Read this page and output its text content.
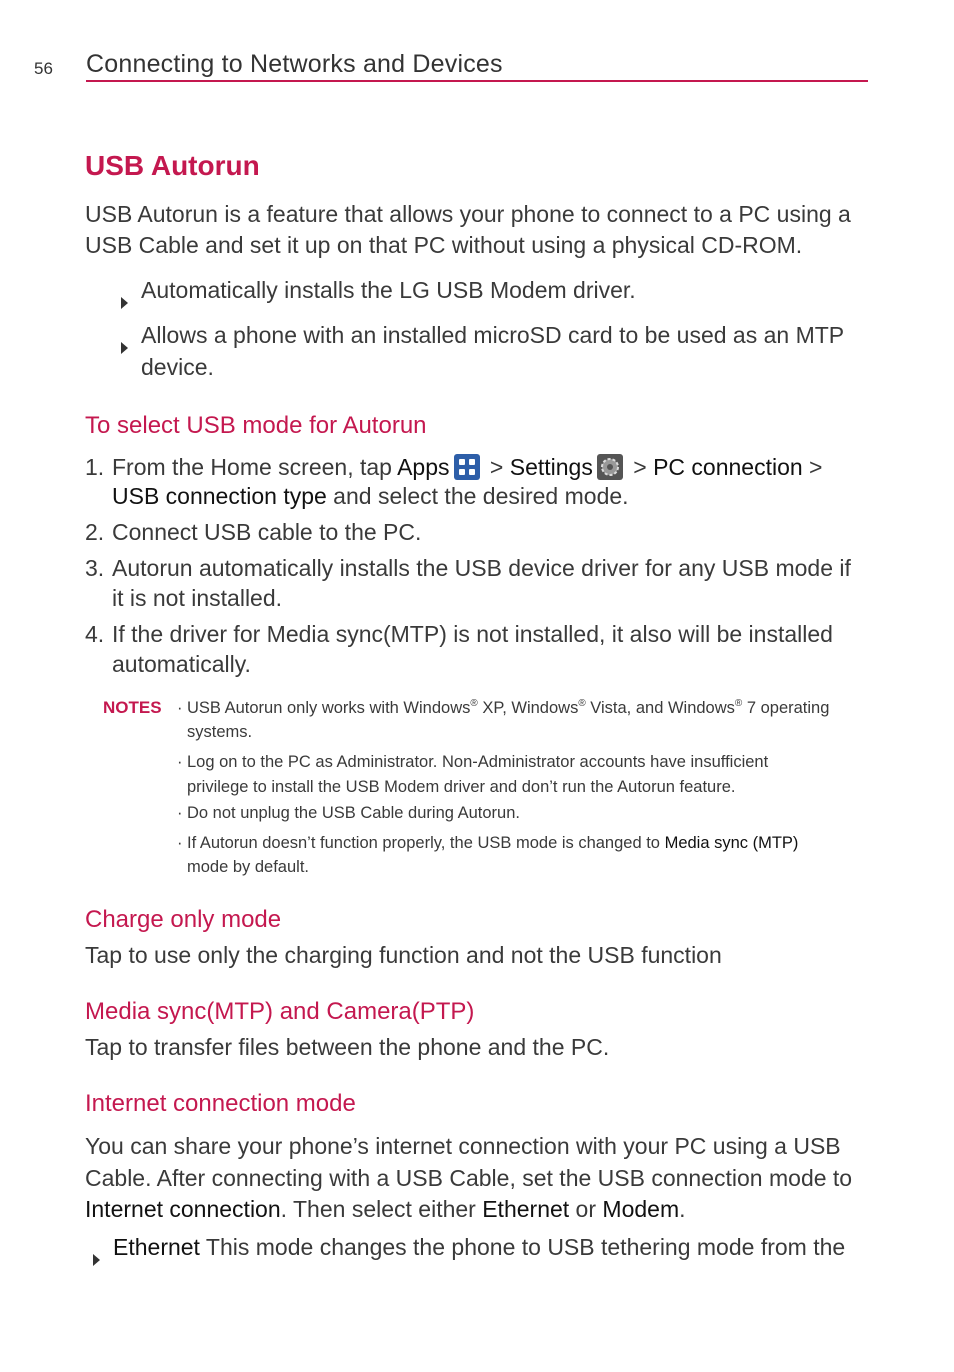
56 Connecting to Networks and Devices
USB Autorun
USB Autorun is a feature that allows your phone to connect to a PC using a
USB Cable and set it up on that PC without using a physical CD-ROM.
Automatically installs the LG USB Modem driver.
Allows a phone with an installed microSD card to be used as an MTP
device.
To select USB mode for Autorun
1. From the Home screen, tap Apps
> Settings > PC connection >
USB connection type and select the desired mode.
2. Connect USB cable to the PC.
3. Autorun automatically installs the USB device driver for any USB mode if
it is not installed.
4. If the driver for Media sync(MTP) is not installed, it also will be installed
automatically.
NOTES · USB Autorun only works with Windows® XP, Windows® Vista, and Windows® 7 operating
systems.
· Log on to the PC as Administrator. Non-Administrator accounts have insufficient
privilege to install the USB Modem driver and don’t run the Autorun feature.
· Do not unplug the USB Cable during Autorun.
· If Autorun doesn’t function properly, the USB mode is changed to Media sync (MTP)
mode by default.
Charge only mode
Tap to use only the charging function and not the USB function
Media sync(MTP) and Camera(PTP)
Tap to transfer files between the phone and the PC.
Internet connection mode
You can share your phone’s internet connection with your PC using a USB
Cable. After connecting with a USB Cable, set the USB connection mode to
Internet connection. Then select either Ethernet or Modem.
Ethernet This mode changes the phone to USB tethering mode from the
